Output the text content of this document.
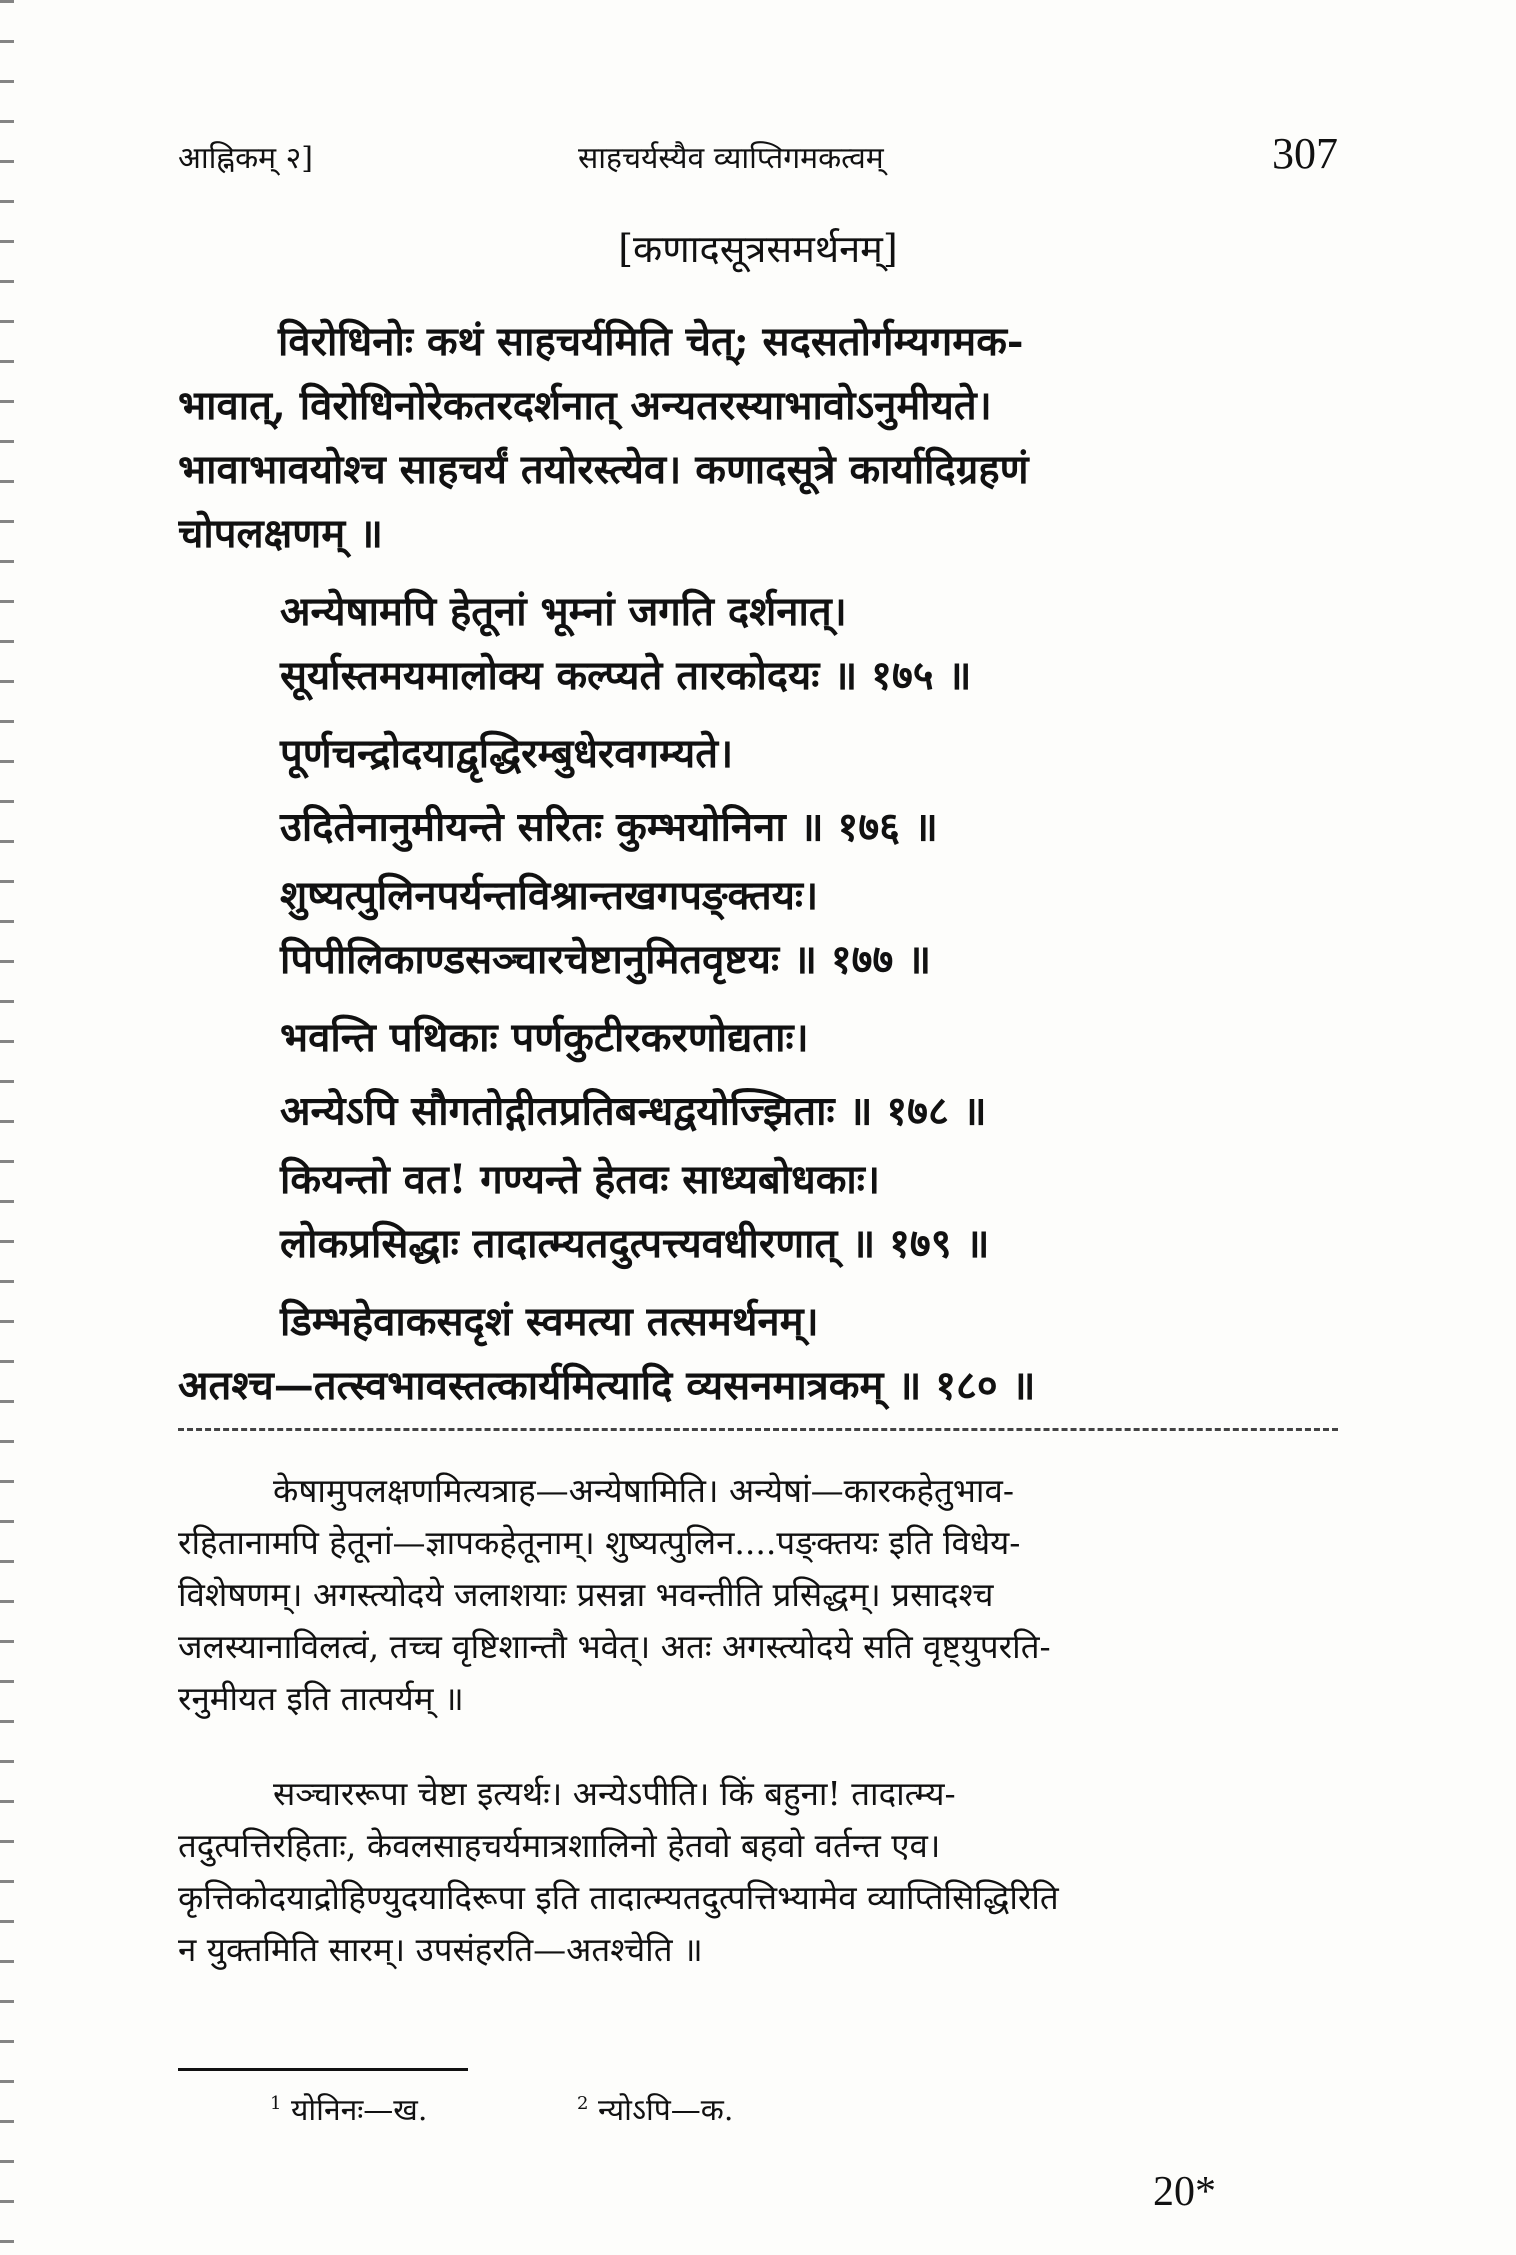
आह्निकम् २]	साहचर्यस्यैव व्याप्तिगमकत्वम्	307
[कणादसूत्रसमर्थनम्]
विरोधिनोः कथं साहचर्यमिति चेत्; सदसतोर्गम्यगमक-
भावात्, विरोधिनोरेकतरदर्शनात् अन्यतरस्याभावोऽनुमीयते।
भावाभावयोश्च साहचर्यं तयोरस्त्येव। कणादसूत्रे कार्यादिग्रहणं
चोपलक्षणम् ॥
अन्येषामपि हेतूनां भूम्नां जगति दर्शनात्।
सूर्यास्तमयमालोक्य कल्प्यते तारकोदयः ॥ १७५ ॥
पूर्णचन्द्रोदयाद्वृद्धिरम्बुधेरवगम्यते।
उदितेनानुमीयन्ते सरितः कुम्भयोनिना ॥ १७६ ॥
शुष्यत्पुलिनपर्यन्तविश्रान्तखगपङ्क्तयः।
पिपीलिकाण्डसञ्चारचेष्टानुमितवृष्टयः ॥ १७७ ॥
भवन्ति पथिकाः पर्णकुटीरकरणोद्यताः।
अन्येऽपि सौगतोद्गीतप्रतिबन्धद्वयोज्झिताः ॥ १७८ ॥
कियन्तो वत! गण्यन्ते हेतवः साध्यबोधकाः।
लोकप्रसिद्धाः तादात्म्यतदुत्पत्त्यवधीरणात् ॥ १७९ ॥
डिम्भहेवाकसदृशं स्वमत्या तत्समर्थनम्।
अतश्च—तत्स्वभावस्तत्कार्यमित्यादि व्यसनमात्रकम् ॥ १८० ॥
केषामुपलक्षणमित्यत्राह—अन्येषामिति। अन्येषां—कारकहेतुभाव-
रहितानामपि हेतूनां—ज्ञापकहेतूनाम्। शुष्यत्पुलिन....पङ्क्तयः इति विधेय-
विशेषणम्। अगस्त्योदये जलाशयाः प्रसन्ना भवन्तीति प्रसिद्धम्। प्रसादश्च
जलस्यानाविलत्वं, तच्च वृष्टिशान्तौ भवेत्। अतः अगस्त्योदये सति वृष्ट्युपरति-
रनुमीयत इति तात्पर्यम् ॥
सञ्चाररूपा चेष्टा इत्यर्थः। अन्येऽपीति। किं बहुना! तादात्म्य-
तदुत्पत्तिरहिताः, केवलसाहचर्यमात्रशालिनो हेतवो बहवो वर्तन्त एव।
कृत्तिकोदयाद्रोहिण्युदयादिरूपा इति तादात्म्यतदुत्पत्तिभ्यामेव व्याप्तिसिद्धिरिति
न युक्तमिति सारम्। उपसंहरति—अतश्चेति ॥
$^1$ योनिनः—ख.	$^2$ न्योऽपि—क.
20*
